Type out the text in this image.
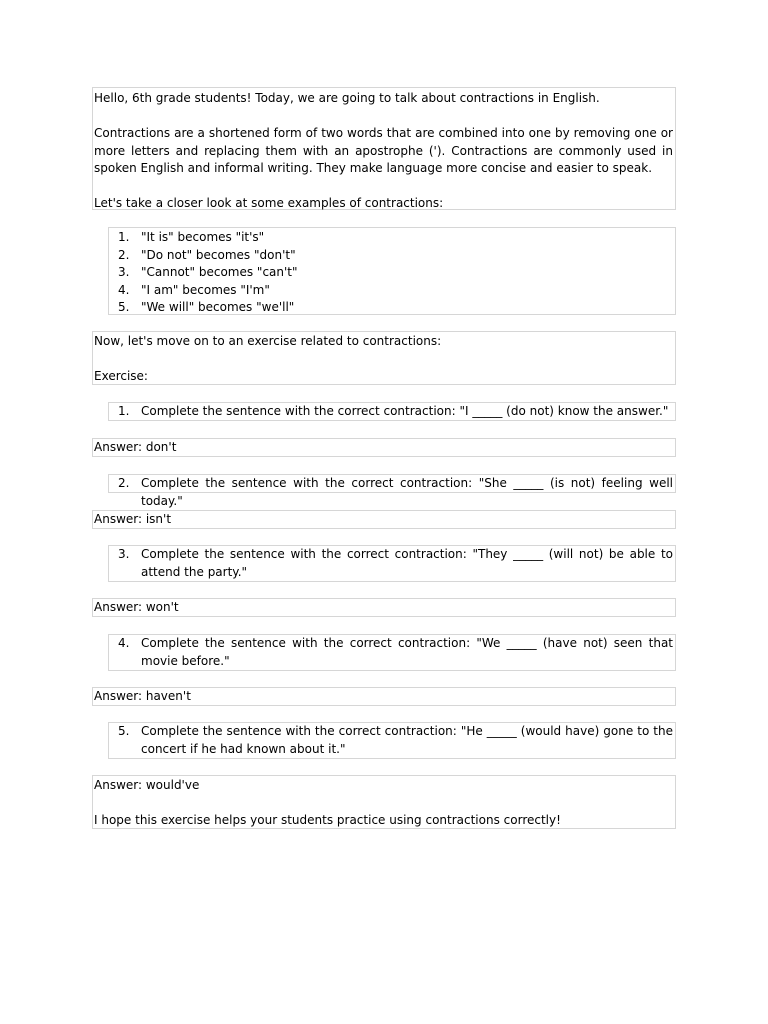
Hello, 6th grade students! Today, we are going to talk about contractions in English.

Contractions are a shortened form of two words that are combined into one by removing one or more letters and replacing them with an apostrophe ('). Contractions are commonly used in spoken English and informal writing. They make language more concise and easier to speak.

Let's take a closer look at some examples of contractions:

1. "It is" becomes "it's"
2. "Do not" becomes "don't"
3. "Cannot" becomes "can't"
4. "I am" becomes "I'm"
5. "We will" becomes "we'll"

Now, let's move on to an exercise related to contractions:

Exercise:

1. Complete the sentence with the correct contraction: "I _____ (do not) know the answer."

Answer: don't

2. Complete the sentence with the correct contraction: "She _____ (is not) feeling well today."

Answer: isn't

3. Complete the sentence with the correct contraction: "They _____ (will not) be able to attend the party."

Answer: won't

4. Complete the sentence with the correct contraction: "We _____ (have not) seen that movie before."

Answer: haven't

5. Complete the sentence with the correct contraction: "He _____ (would have) gone to the concert if he had known about it."

Answer: would've

I hope this exercise helps your students practice using contractions correctly!
